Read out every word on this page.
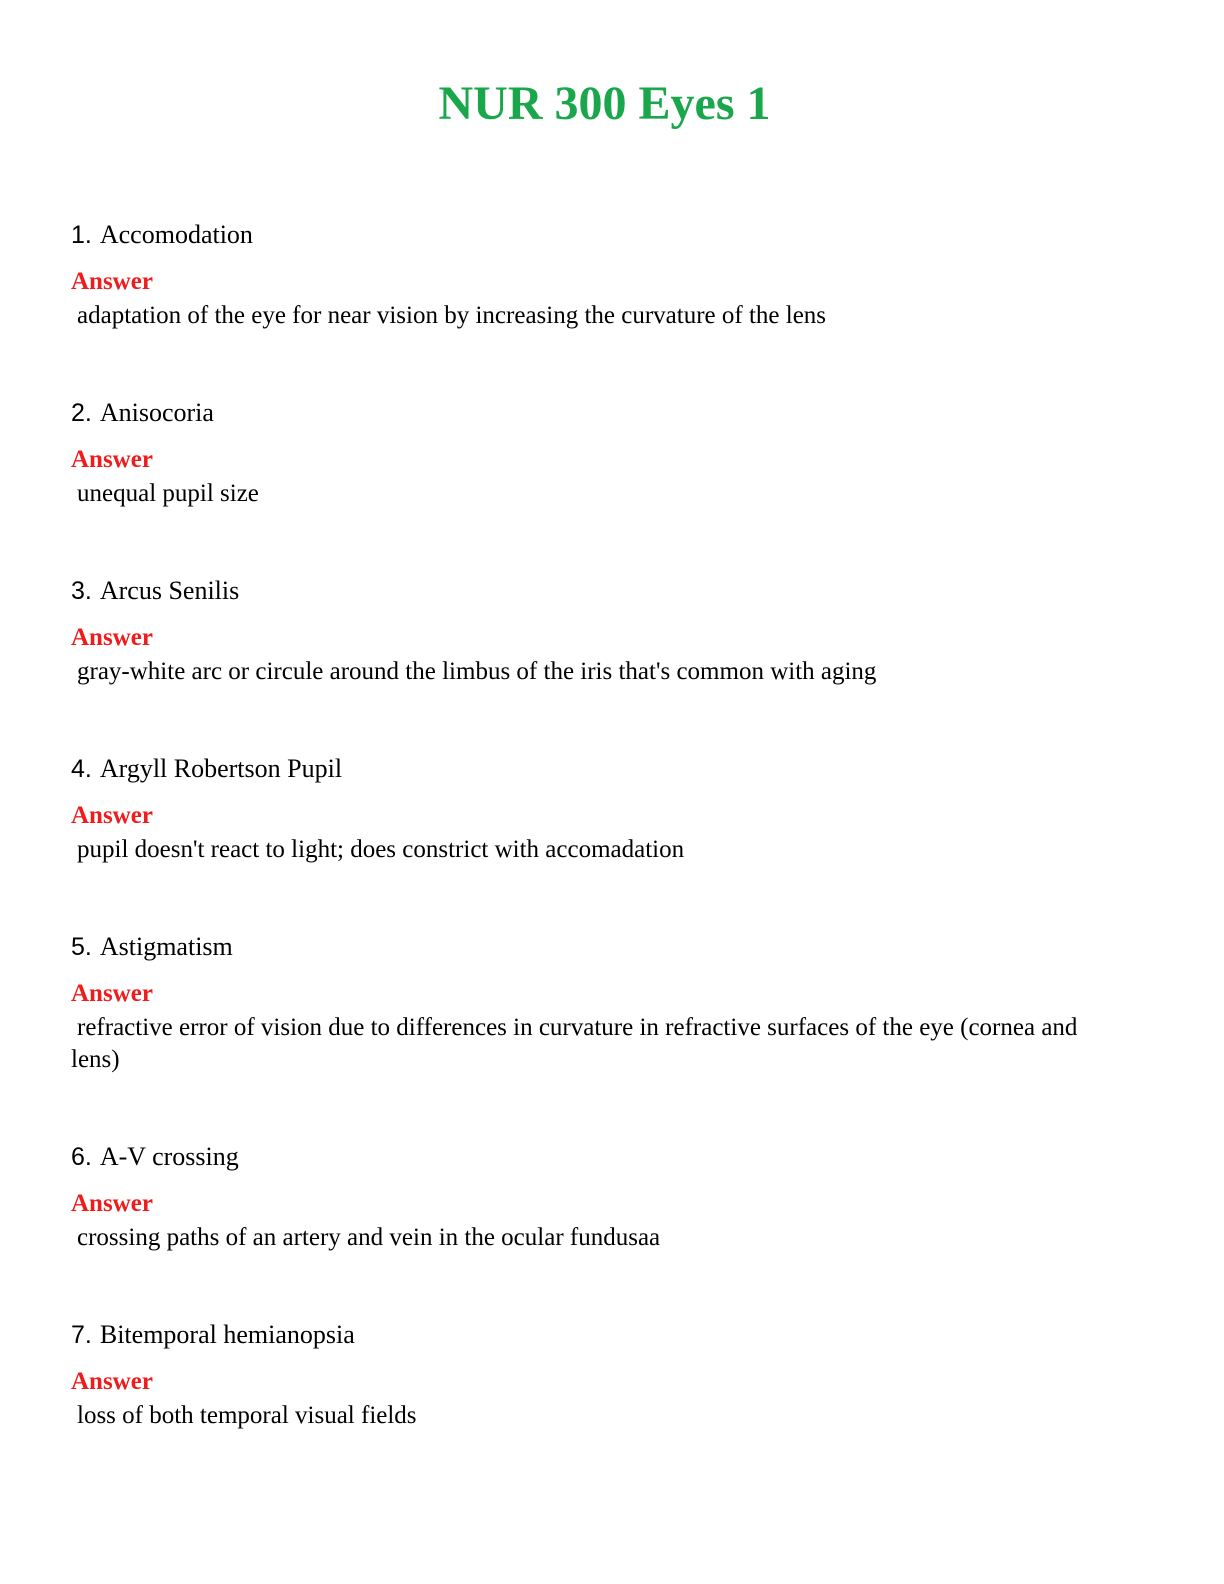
NUR 300 Eyes 1
1. Accomodation
Answer
adaptation of the eye for near vision by increasing the curvature of the lens
2. Anisocoria
Answer
unequal pupil size
3. Arcus Senilis
Answer
gray-white arc or circule around the limbus of the iris that's common with aging
4. Argyll Robertson Pupil
Answer
pupil doesn't react to light; does constrict with accomadation
5. Astigmatism
Answer
refractive error of vision due to differences in curvature in refractive surfaces of the eye (cornea and lens)
6. A-V crossing
Answer
crossing paths of an artery and vein in the ocular fundusaa
7. Bitemporal hemianopsia
Answer
loss of both temporal visual fields
